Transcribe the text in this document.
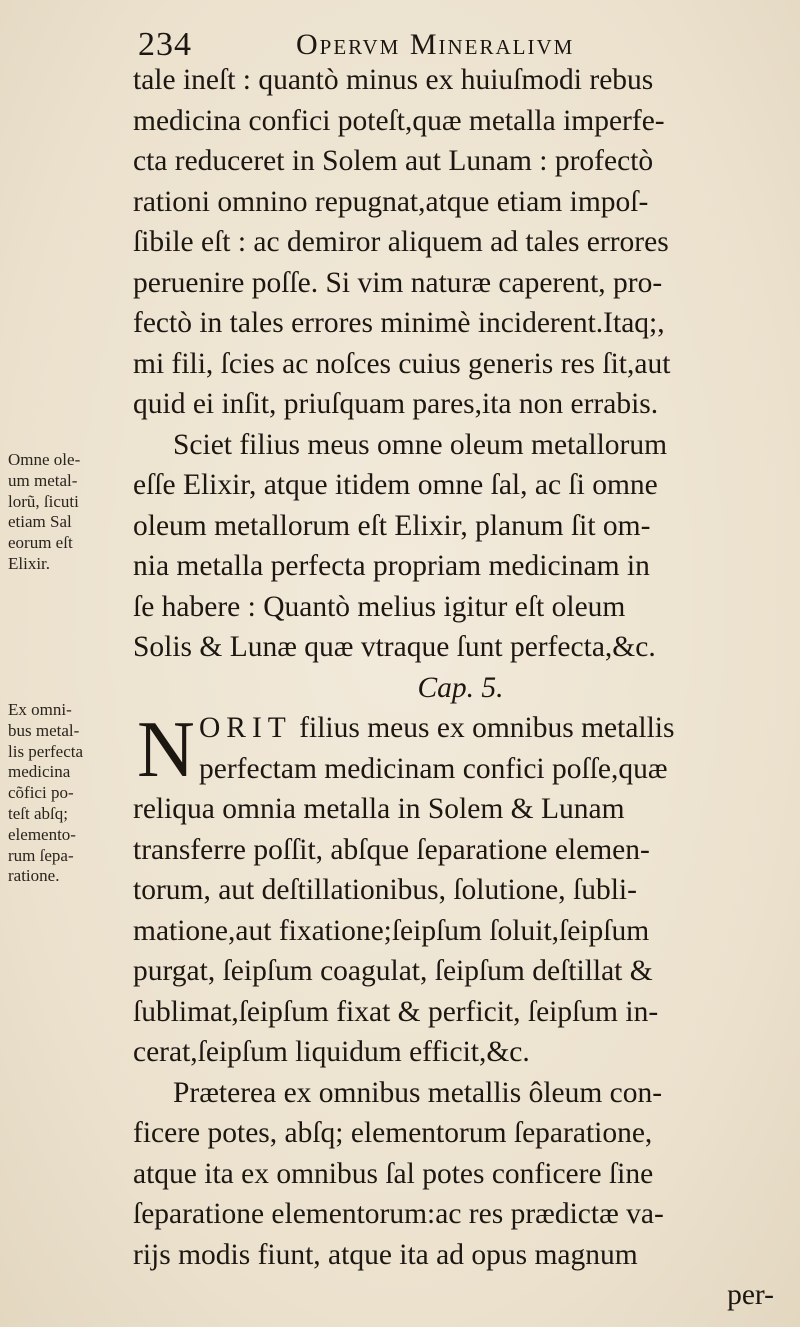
234	Opervm Mineralivm
Omne ole-
um metal-
lorũ, ſicuti
etiam Sal
eorum eſt
Elixir.
Ex omni-
bus metal-
lis perfecta
medicina
cõfici po-
teſt abſq;
elemento-
rum ſepa-
ratione.
tale ineſt : quantò minus ex huiuſmodi rebus
medicina confici poteſt,quæ metalla imperfe-
cta reduceret in Solem aut Lunam : profectò
rationi omnino repugnat,atque etiam impoſ-
ſibile eſt : ac demiror aliquem ad tales errores
peruenire poſſe. Si vim naturæ caperent, pro-
fectò in tales errores minimè inciderent.Itaq;,
mi fili, ſcies ac noſces cuius generis res ſit,aut
quid ei inſit, priuſquam pares,ita non errabis.
Sciet filius meus omne oleum metallorum
eſſe Elixir, atque itidem omne ſal, ac ſi omne
oleum metallorum eſt Elixir, planum ſit om-
nia metalla perfecta propriam medicinam in
ſe habere : Quantò melius igitur eſt oleum
Solis & Lunæ quæ vtraque ſunt perfecta,&c.
Cap. 5.
N ORIT filius meus ex omnibus metallis
perfectam medicinam confici poſſe,quæ
reliqua omnia metalla in Solem & Lunam
transferre poſſit, abſque ſeparatione elemen-
torum, aut deſtillationibus, ſolutione, ſubli-
matione,aut fixatione;ſeipſum ſoluit,ſeipſum
purgat, ſeipſum coagulat, ſeipſum deſtillat &
ſublimat,ſeipſum fixat & perficit, ſeipſum in-
cerat,ſeipſum liquidum efficit,&c.
Præterea ex omnibus metallis ôleum con-
ficere potes, abſq; elementorum ſeparatione,
atque ita ex omnibus ſal potes conficere ſine
ſeparatione elementorum:ac res prædictæ va-
rijs modis fiunt, atque ita ad opus magnum
per-
